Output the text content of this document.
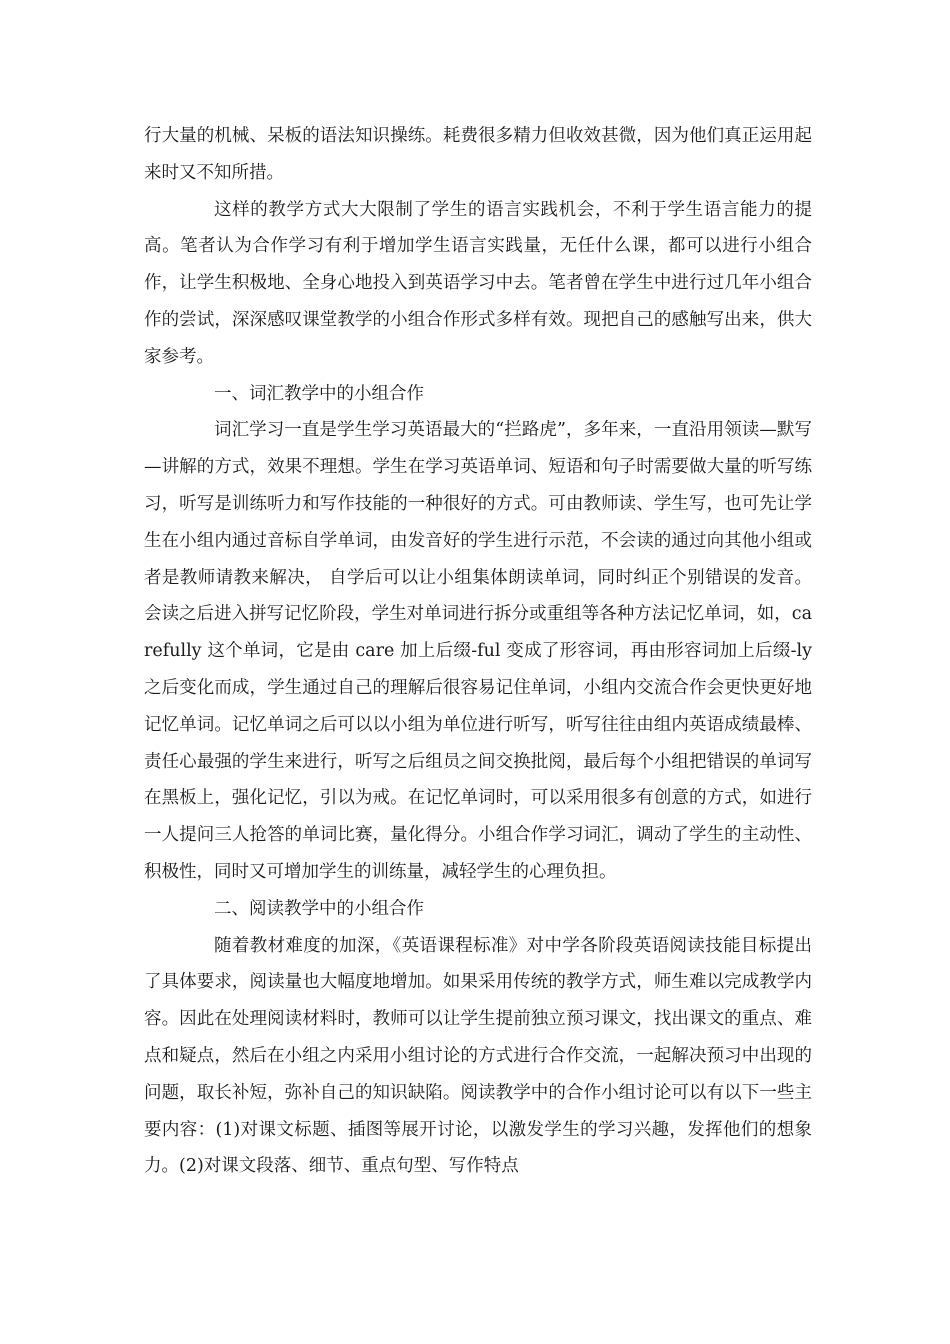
行大量的机械、呆板的语法知识操练。耗费很多精力但收效甚微，因为他们真正运用起来时又不知所措。

这样的教学方式大大限制了学生的语言实践机会，不利于学生语言能力的提高。笔者认为合作学习有利于增加学生语言实践量，无任什么课，都可以进行小组合作，让学生积极地、全身心地投入到英语学习中去。笔者曾在学生中进行过几年小组合作的尝试，深深感叹课堂教学的小组合作形式多样有效。现把自己的感触写出来，供大家参考。

一、词汇教学中的小组合作

词汇学习一直是学生学习英语最大的“拦路虎”，多年来，一直沿用领读—默写—讲解的方式，效果不理想。学生在学习英语单词、短语和句子时需要做大量的听写练习，听写是训练听力和写作技能的一种很好的方式。可由教师读、学生写，也可先让学生在小组内通过音标自学单词，由发音好的学生进行示范，不会读的通过向其他小组或者是教师请教来解决， 自学后可以让小组集体朗读单词，同时纠正个别错误的发音。会读之后进入拼写记忆阶段，学生对单词进行拆分或重组等各种方法记忆单词，如，carefully 这个单词，它是由 care 加上后缀-ful 变成了形容词，再由形容词加上后缀-ly 之后变化而成，学生通过自己的理解后很容易记住单词，小组内交流合作会更快更好地记忆单词。记忆单词之后可以以小组为单位进行听写，听写往往由组内英语成绩最棒、责任心最强的学生来进行，听写之后组员之间交换批阅，最后每个小组把错误的单词写在黑板上，强化记忆，引以为戒。在记忆单词时，可以采用很多有创意的方式，如进行一人提问三人抢答的单词比赛，量化得分。小组合作学习词汇，调动了学生的主动性、积极性，同时又可增加学生的训练量，减轻学生的心理负担。

二、阅读教学中的小组合作

随着教材难度的加深，《英语课程标准》对中学各阶段英语阅读技能目标提出了具体要求，阅读量也大幅度地增加。如果采用传统的教学方式，师生难以完成教学内容。因此在处理阅读材料时，教师可以让学生提前独立预习课文，找出课文的重点、难点和疑点，然后在小组之内采用小组讨论的方式进行合作交流，一起解决预习中出现的问题，取长补短，弥补自己的知识缺陷。阅读教学中的合作小组讨论可以有以下一些主要内容：(1)对课文标题、插图等展开讨论，以激发学生的学习兴趣，发挥他们的想象力。(2)对课文段落、细节、重点句型、写作特点
